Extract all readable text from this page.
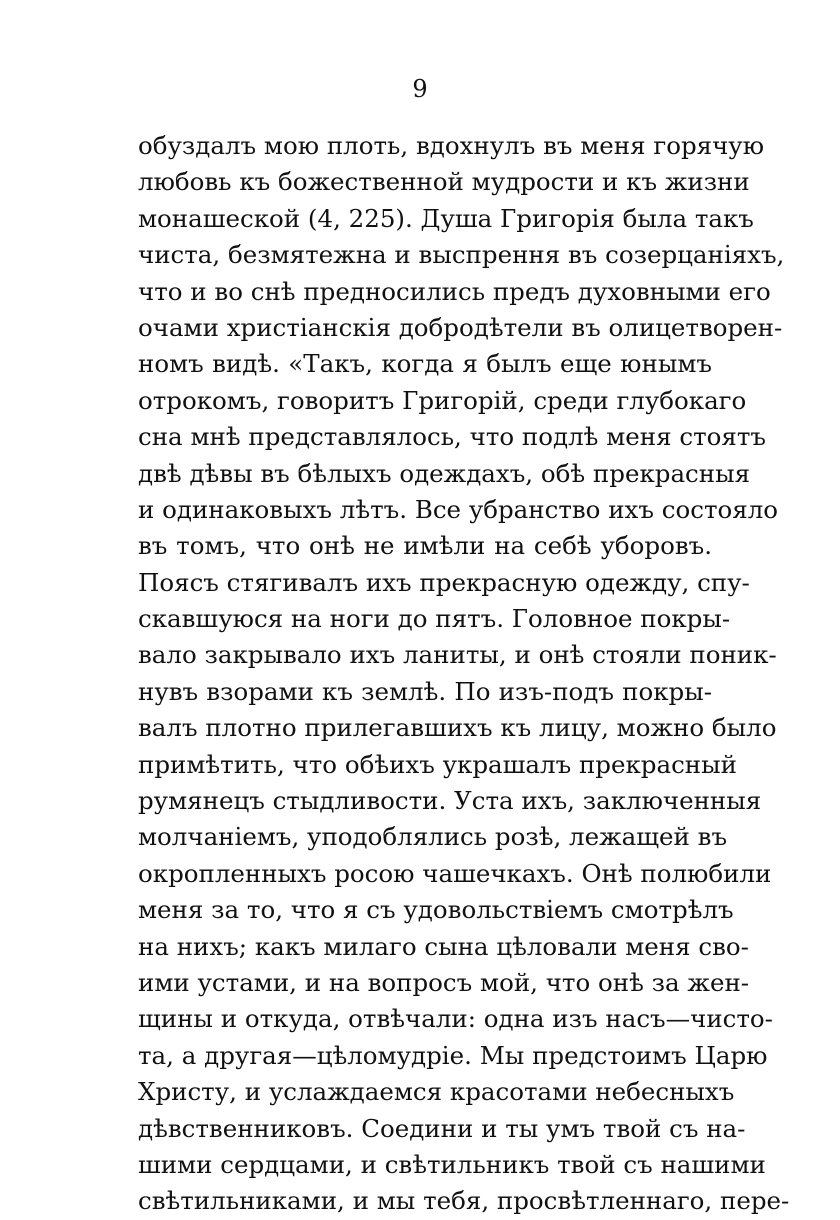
9
обуздалъ мою плоть, вдохнулъ въ меня горячую
любовь къ божественной мудрости и къ жизни
монашеской (4, 225). Душа Григорія была такъ
чиста, безмятежна и выспрення въ созерцаніяхъ,
что и во снѣ предносились предъ духовными его
очами христіанскія добродѣтели въ олицетворен-
номъ видѣ. «Такъ, когда я былъ еще юнымъ
отрокомъ, говоритъ Григорій, среди глубокаго
сна мнѣ представлялось, что подлѣ меня стоятъ
двѣ дѣвы въ бѣлыхъ одеждахъ, обѣ прекрасныя
и одинаковыхъ лѣтъ. Все убранство ихъ состояло
въ томъ, что онѣ не имѣли на себѣ уборовъ.
Поясъ стягивалъ ихъ прекрасную одежду, спу-
скавшуюся на ноги до пятъ. Головное покры-
вало закрывало ихъ ланиты, и онѣ стояли поник-
нувъ взорами къ землѣ. По изъ-подъ покры-
валъ плотно прилегавшихъ къ лицу, можно было
примѣтить, что обѣихъ украшалъ прекрасный
румянецъ стыдливости. Уста ихъ, заключенныя
молчаніемъ, уподоблялись розѣ, лежащей въ
окропленныхъ росою чашечкахъ. Онѣ полюбили
меня за то, что я съ удовольствіемъ смотрѣлъ
на нихъ; какъ милаго сына цѣловали меня сво-
ими устами, и на вопросъ мой, что онѣ за жен-
щины и откуда, отвѣчали: одна изъ насъ—чисто-
та, а другая—цѣломудріе. Мы предстоимъ Царю
Христу, и услаждаемся красотами небесныхъ
дѣвственниковъ. Соедини и ты умъ твой съ на-
шими сердцами, и свѣтильникъ твой съ нашими
свѣтильниками, и мы тебя, просвѣтленнаго, пере-
